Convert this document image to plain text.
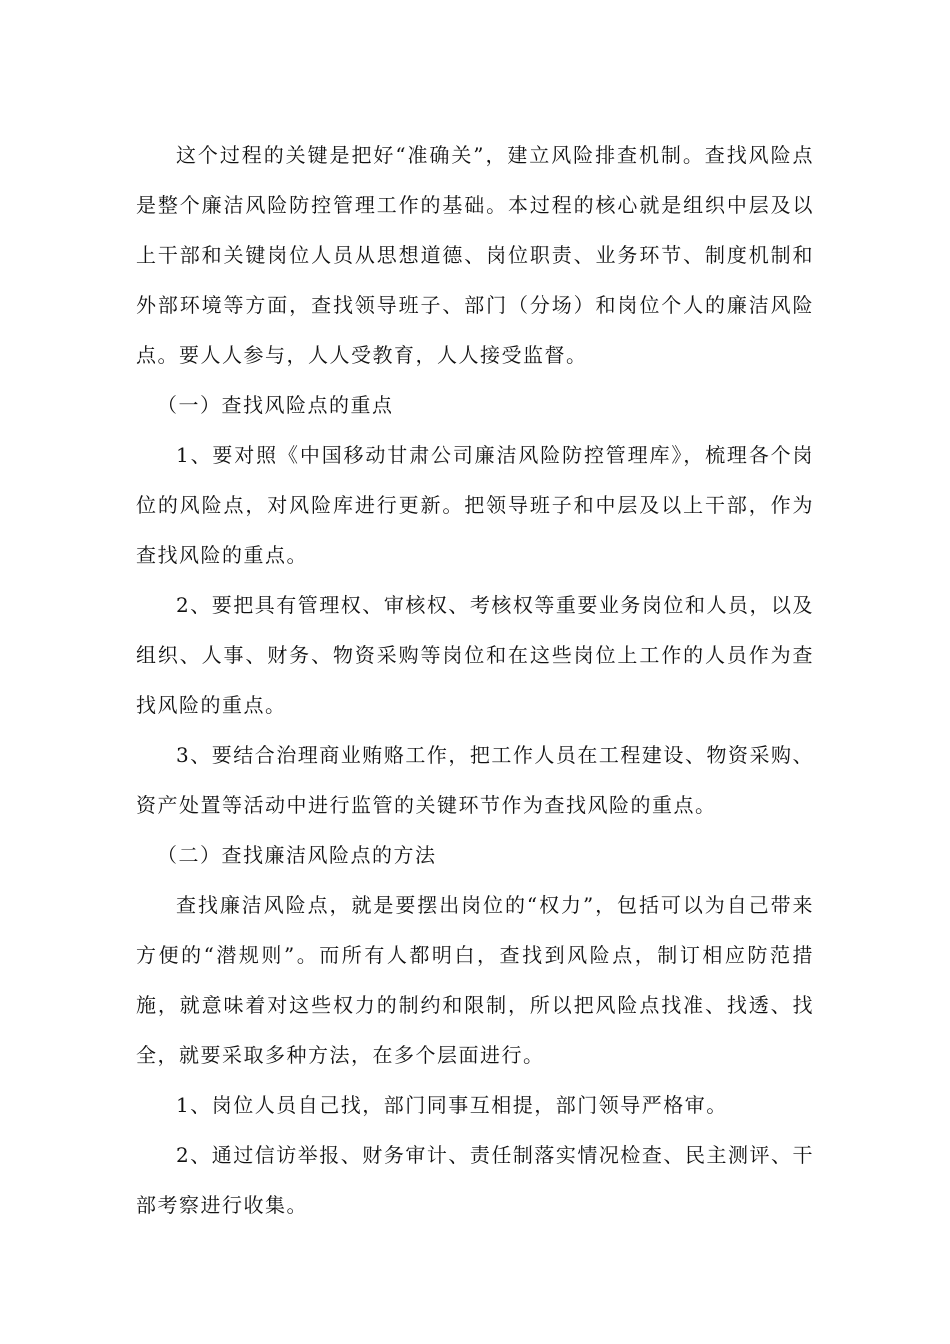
这个过程的关键是把好“准确关”，建立风险排查机制。查找风险点是整个廉洁风险防控管理工作的基础。本过程的核心就是组织中层及以上干部和关键岗位人员从思想道德、岗位职责、业务环节、制度机制和外部环境等方面，查找领导班子、部门（分场）和岗位个人的廉洁风险点。要人人参与，人人受教育，人人接受监督。

（一）查找风险点的重点

1、要对照《中国移动甘肃公司廉洁风险防控管理库》，梳理各个岗位的风险点，对风险库进行更新。把领导班子和中层及以上干部，作为查找风险的重点。

2、要把具有管理权、审核权、考核权等重要业务岗位和人员，以及组织、人事、财务、物资采购等岗位和在这些岗位上工作的人员作为查找风险的重点。

3、要结合治理商业贿赂工作，把工作人员在工程建设、物资采购、资产处置等活动中进行监管的关键环节作为查找风险的重点。

（二）查找廉洁风险点的方法

查找廉洁风险点，就是要摆出岗位的“权力”，包括可以为自己带来方便的“潜规则”。而所有人都明白，查找到风险点，制订相应防范措施，就意味着对这些权力的制约和限制，所以把风险点找准、找透、找全，就要采取多种方法，在多个层面进行。

1、岗位人员自己找，部门同事互相提，部门领导严格审。

2、通过信访举报、财务审计、责任制落实情况检查、民主测评、干部考察进行收集。
